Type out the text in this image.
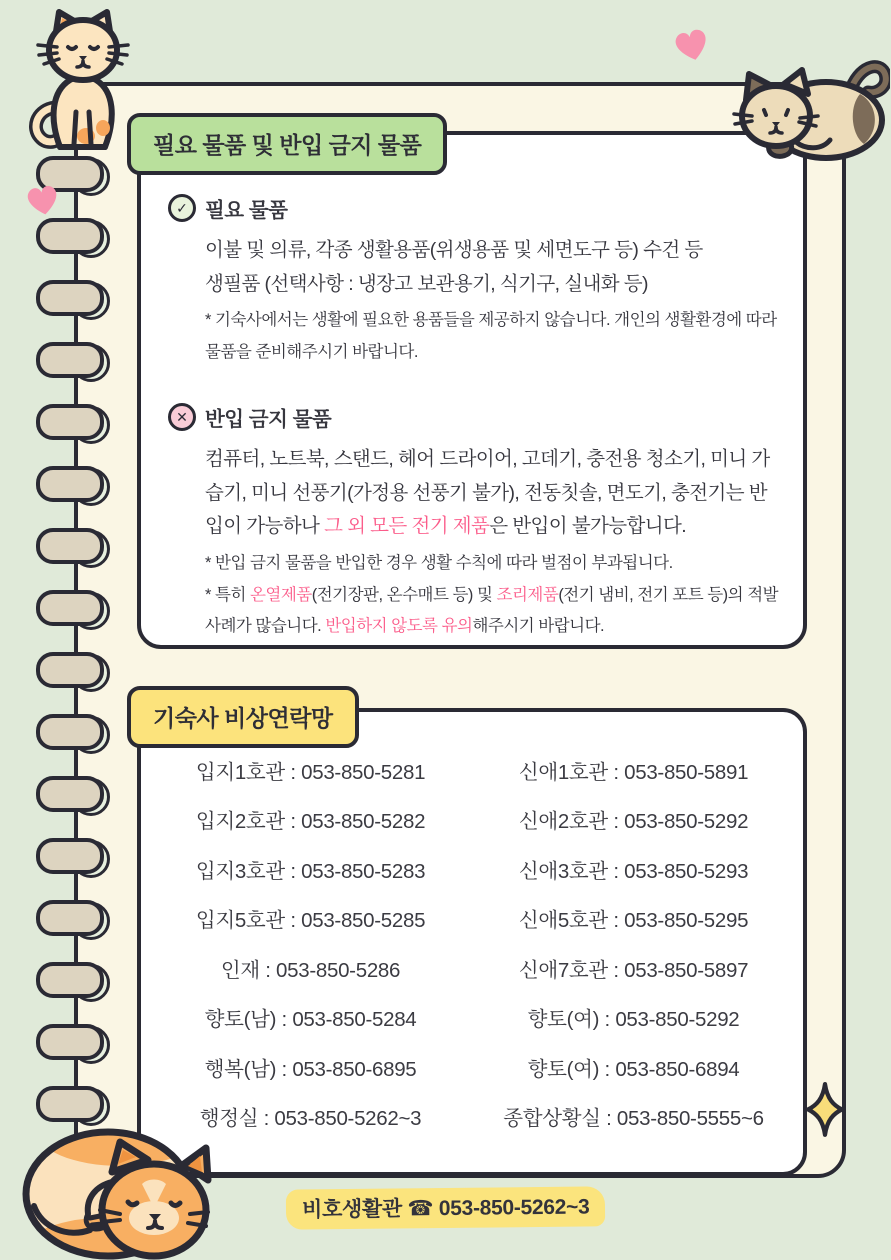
✓ 필요 물품

이불 및 의류, 각종 생활용품(위생용품 및 세면도구 등) 수건 등

생필품 (선택사항 : 냉장고 보관용기, 식기구, 실내화 등)

* 기숙사에서는 생활에 필요한 용품들을 제공하지 않습니다. 개인의 생활환경에 따라 물품을 준비해주시기 바랍니다.

✕ 반입 금지 물품

컴퓨터, 노트북, 스탠드, 헤어 드라이어, 고데기, 충전용 청소기, 미니 가습기, 미니 선풍기(가정용 선풍기 불가), 전동칫솔, 면도기, 충전기는 반입이 가능하나 그 외 모든 전기 제품은 반입이 불가능합니다.

* 반입 금지 물품을 반입한 경우 생활 수칙에 따라 벌점이 부과됩니다.

* 특히 온열제품(전기장판, 온수매트 등) 및 조리제품(전기 냄비, 전기 포트 등)의 적발 사례가 많습니다. 반입하지 않도록 유의해주시기 바랍니다.

필요 물품 및 반입 금지 물품
입지1호관 : 053-850-5281	신애1호관 : 053-850-5891
입지2호관 : 053-850-5282	신애2호관 : 053-850-5292
입지3호관 : 053-850-5283	신애3호관 : 053-850-5293
입지5호관 : 053-850-5285	신애5호관 : 053-850-5295
인재 : 053-850-5286	신애7호관 : 053-850-5897
향토(남) : 053-850-5284	향토(여) : 053-850-5292
행복(남) : 053-850-6895	향토(여) : 053-850-6894
행정실 : 053-850-5262~3	종합상황실 : 053-850-5555~6
기숙사 비상연락망
비호생활관 ☎ 053-850-5262~3
